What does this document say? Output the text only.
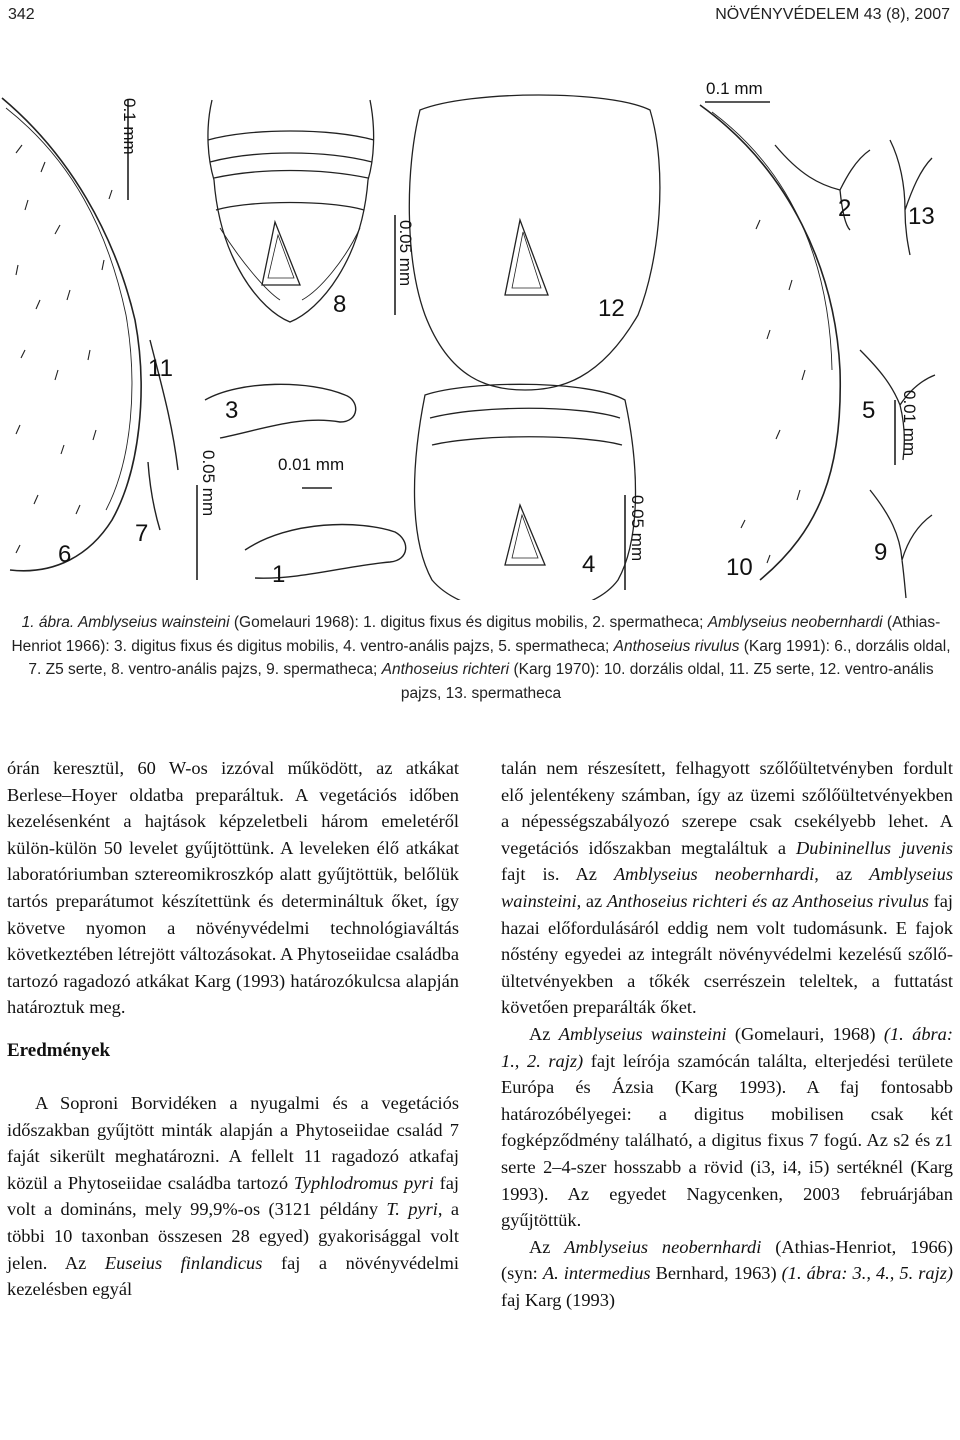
342	NÖVÉNYVÉDELEM 43 (8), 2007
1
2
3
4
5
6
7
8
9
10
11
12
13
0.1 mm
0.05 mm
0.05 mm	0.01 mm
0.05 mm
0.1 mm
0.01 mm
1. ábra. Amblyseius wainsteini (Gomelauri 1968): 1. digitus fixus és digitus mobilis, 2. spermatheca; Amblyseius neobernhardi (Athias-Henriot 1966): 3. digitus fixus és digitus mobilis, 4. ventro-anális pajzs, 5. spermatheca; Anthoseius rivulus (Karg 1991): 6., dorzális oldal, 7. Z5 serte, 8. ventro-anális pajzs, 9. spermatheca; Anthoseius richteri (Karg 1970): 10. dorzális oldal, 11. Z5 serte, 12. ventro-anális pajzs, 13. spermatheca

órán keresztül, 60 W-os izzóval működött, az atkákat Berlese–Hoyer oldatba preparáltuk. A vegetációs időben kezelésenként a hajtások képzeletbeli három emeletéről külön-külön 50 levelet gyűjtöttünk. A leveleken élő atkákat laboratóriumban sztereomikroszkóp alatt gyűjtöttük, belőlük tartós preparátumot készítettünk és determináltuk őket, így követve nyomon a növényvédelmi technológiaváltás következtében létrejött változásokat. A Phytoseiidae családba tartozó ragadozó atkákat Karg (1993) határozókulcsa alapján határoztuk meg.

Eredmények

A Soproni Borvidéken a nyugalmi és a vegetációs időszakban gyűjtött minták alapján a Phytoseiidae család 7 faját sikerült meghatározni. A fellelt 11 ragadozó atkafaj közül a Phytoseiidae családba tartozó Typhlodromus pyri faj volt a domináns, mely 99,9%-os (3121 példány T. pyri, a többi 10 taxonban összesen 28 egyed) gyakorisággal volt jelen. Az Euseius finlandicus faj a növényvédelmi kezelésben egyál

talán nem részesített, felhagyott szőlőültetvényben fordult elő jelentékeny számban, így az üzemi szőlőültetvényekben a népességszabályozó szerepe csak csekélyebb lehet. A vegetációs időszakban megtaláltuk a Dubininellus juvenis fajt is. Az Amblyseius neobernhardi, az Amblyseius wainsteini, az Anthoseius richteri és az Anthoseius rivulus faj hazai előfordulásáról eddig nem volt tudomásunk. E fajok nőstény egyedei az integrált növényvédelmi kezelésű szőlőültetvényekben a tőkék cserrészein teleltek, a futtatást követően preparálták őket.

Az Amblyseius wainsteini (Gomelauri, 1968) (1. ábra: 1., 2. rajz) fajt leírója szamócán találta, elterjedési területe Európa és Ázsia (Karg 1993). A faj fontosabb határozóbélyegei: a digitus mobilisen csak két fogképződmény található, a digitus fixus 7 fogú. Az s2 és z1 serte 2–4-szer hosszabb a rövid (i3, i4, i5) sertéknél (Karg 1993). Az egyedet Nagycenken, 2003 februárjában gyűjtöttük.

Az Amblyseius neobernhardi (Athias-Henriot, 1966) (syn: A. intermedius Bernhard, 1963) (1. ábra: 3., 4., 5. rajz) faj Karg (1993)
